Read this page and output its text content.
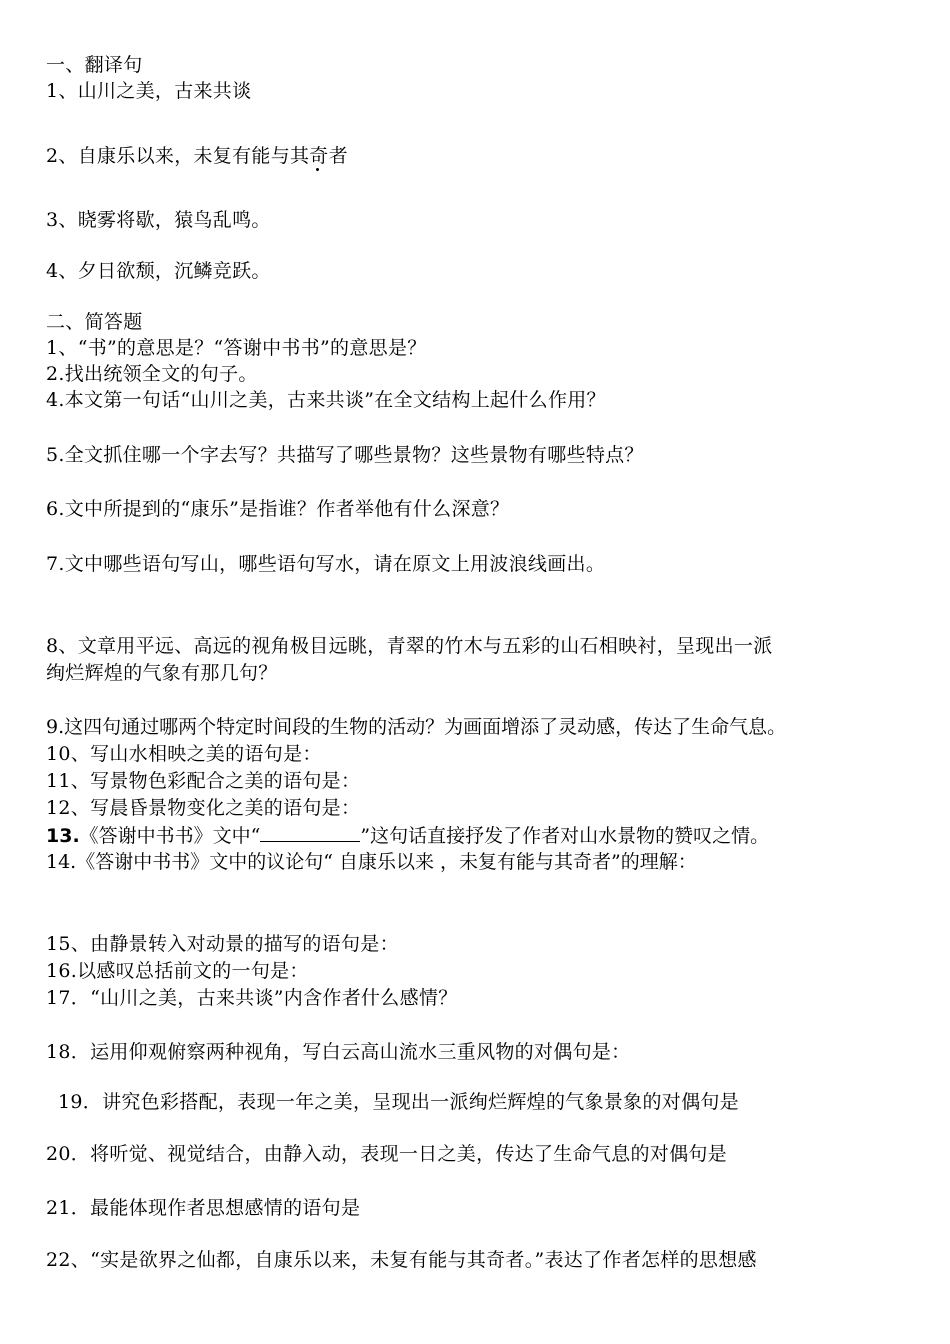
一、翻译句
1、山川之美，古来共谈
2、自康乐以来，未复有能与其奇者
3、晓雾将歇，猿鸟乱鸣。
4、夕日欲颓，沉鳞竞跃。
二、简答题
1、“书”的意思是？“答谢中书书”的意思是？
2.找出统领全文的句子。
4.本文第一句话“山川之美，古来共谈”在全文结构上起什么作用？
5.全文抓住哪一个字去写？共描写了哪些景物？这些景物有哪些特点？
6.文中所提到的“康乐”是指谁？作者举他有什么深意？
7.文中哪些语句写山，哪些语句写水，请在原文上用波浪线画出。
8、文章用平远、高远的视角极目远眺，青翠的竹木与五彩的山石相映衬，呈现出一派
绚烂辉煌的气象有那几句？
9.这四句通过哪两个特定时间段的生物的活动？为画面增添了灵动感，传达了生命气息。
10、写山水相映之美的语句是：
11、写景物色彩配合之美的语句是：
12、写晨昏景物变化之美的语句是：
13.《答谢中书书》文中“	”这句话直接抒发了作者对山水景物的赞叹之情。
14.《答谢中书书》文中的议论句“ 自康乐以来 ，未复有能与其奇者”的理解：
15、由静景转入对动景的描写的语句是：
16.以感叹总括前文的一句是：
17．“山川之美，古来共谈”内含作者什么感情？
18．运用仰观俯察两种视角，写白云高山流水三重风物的对偶句是：
19．讲究色彩搭配，表现一年之美，呈现出一派绚烂辉煌的气象景象的对偶句是
20．将听觉、视觉结合，由静入动，表现一日之美，传达了生命气息的对偶句是
21．最能体现作者思想感情的语句是
22、“实是欲界之仙都，自康乐以来，未复有能与其奇者。”表达了作者怎样的思想感
